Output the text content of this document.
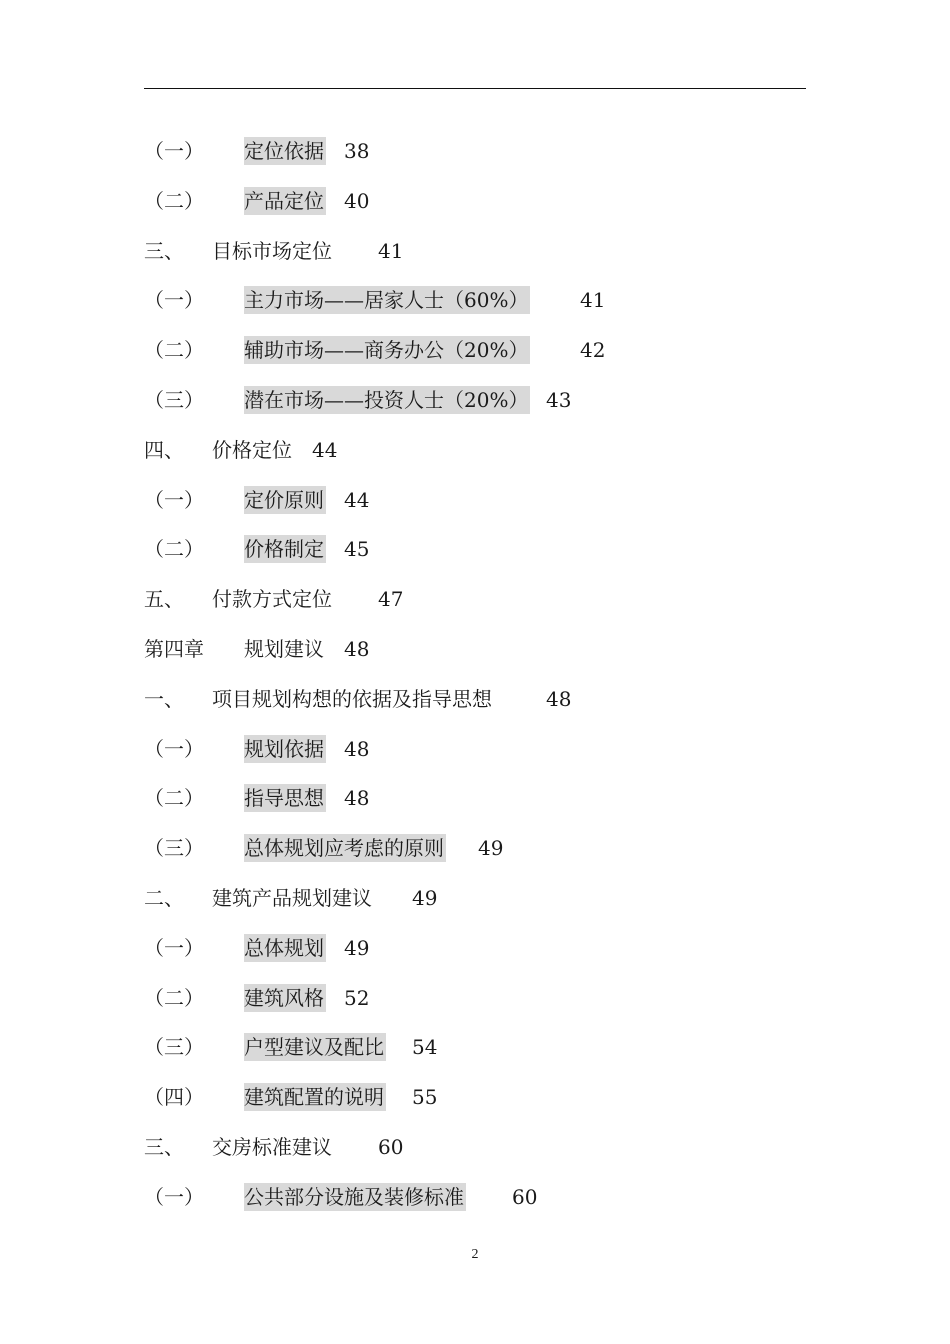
（一） 定位依据 38
（二） 产品定位 40
三、 目标市场定位 41
（一） 主力市场——居家人士（60%）	41
（二） 辅助市场——商务办公（20%）	42
（三） 潜在市场——投资人士（20%） 43
四、 价格定位 44
（一） 定价原则 44
（二） 价格制定 45
五、 付款方式定位 47
第四章 规划建议 48
一、 项目规划构想的依据及指导思想	48
（一） 规划依据 48
（二） 指导思想 48
（三） 总体规划应考虑的原则 49
二、 建筑产品规划建议 49
（一） 总体规划 49
（二） 建筑风格 52
（三） 户型建议及配比 54
（四） 建筑配置的说明 55
三、 交房标准建议 60
（一） 公共部分设施及装修标准 60
2
